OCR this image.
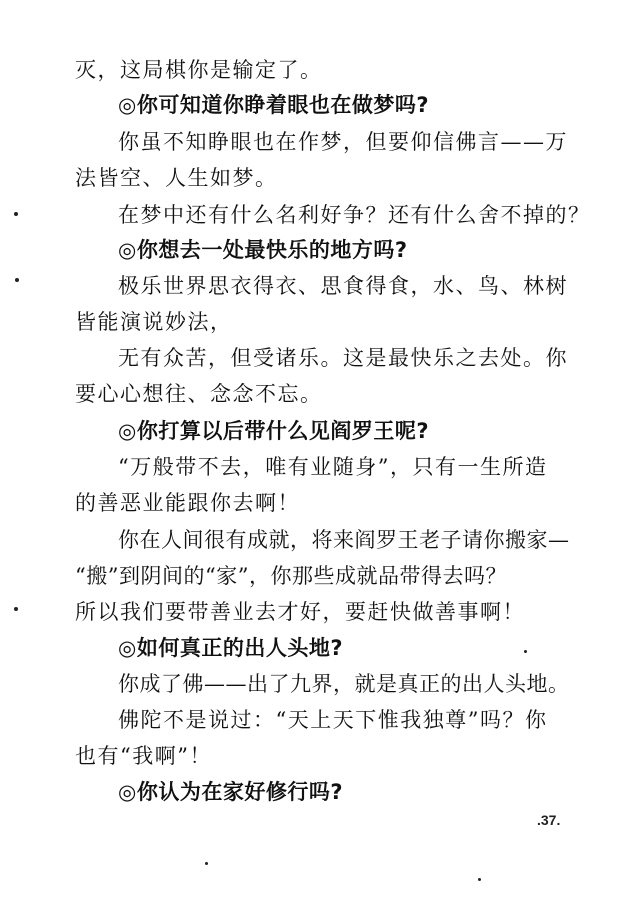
灭，这局棋你是输定了。
◎你可知道你睁着眼也在做梦吗?
你虽不知睁眼也在作梦，但要仰信佛言——万
法皆空、人生如梦。
在梦中还有什么名利好争？还有什么舍不掉的？
◎你想去一处最快乐的地方吗?
极乐世界思衣得衣、思食得食，水、鸟、林树
皆能演说妙法，
无有众苦，但受诸乐。这是最快乐之去处。你
要心心想往、念念不忘。
◎你打算以后带什么见阎罗王呢?
“万般带不去，唯有业随身”，只有一生所造
的善恶业能跟你去啊！
你在人间很有成就，将来阎罗王老子请你搬家—
“搬”到阴间的“家”，你那些成就品带得去吗？
所以我们要带善业去才好，要赶快做善事啊！
◎如何真正的出人头地?
你成了佛——出了九界，就是真正的出人头地。
佛陀不是说过：“天上天下惟我独尊”吗？你
也有“我啊”！
◎你认为在家好修行吗?
.37.
